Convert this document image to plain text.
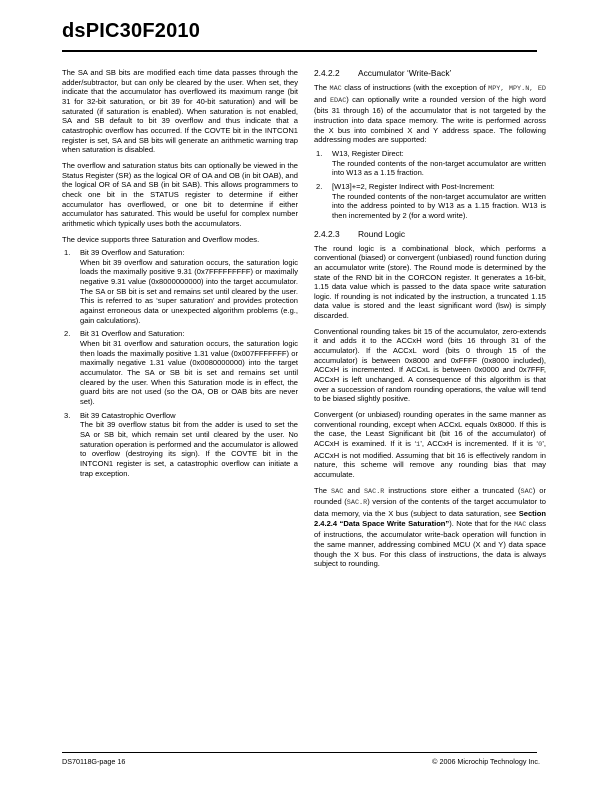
dsPIC30F2010

The SA and SB bits are modified each time data passes through the adder/subtractor, but can only be cleared by the user. When set, they indicate that the accumulator has overflowed its maximum range (bit 31 for 32-bit saturation, or bit 39 for 40-bit saturation) and will be saturated (if saturation is enabled). When saturation is not enabled, SA and SB default to bit 39 overflow and thus indicate that a catastrophic overflow has occurred. If the COVTE bit in the INTCON1 register is set, SA and SB bits will generate an arithmetic warning trap when saturation is disabled.

The overflow and saturation status bits can optionally be viewed in the Status Register (SR) as the logical OR of OA and OB (in bit OAB), and the logical OR of SA and SB (in bit SAB). This allows programmers to check one bit in the STATUS register to determine if either accumulator has overflowed, or one bit to determine if either accumulator has saturated. This would be useful for complex number arithmetic which typically uses both the accumulators.

The device supports three Saturation and Overflow modes.

1. Bit 39 Overflow and Saturation:
When bit 39 overflow and saturation occurs, the saturation logic loads the maximally positive 9.31 (0x7FFFFFFFFF) or maximally negative 9.31 value (0x8000000000) into the target accumulator. The SA or SB bit is set and remains set until cleared by the user. This is referred to as ‘super saturation’ and provides protection against erroneous data or unexpected algorithm problems (e.g., gain calculations).
2. Bit 31 Overflow and Saturation:
When bit 31 overflow and saturation occurs, the saturation logic then loads the maximally positive 1.31 value (0x007FFFFFFF) or maximally negative 1.31 value (0x0080000000) into the target accumulator. The SA or SB bit is set and remains set until cleared by the user. When this Saturation mode is in effect, the guard bits are not used (so the OA, OB or OAB bits are never set).
3. Bit 39 Catastrophic Overflow
The bit 39 overflow status bit from the adder is used to set the SA or SB bit, which remain set until cleared by the user. No saturation operation is performed and the accumulator is allowed to overflow (destroying its sign). If the COVTE bit in the INTCON1 register is set, a catastrophic overflow can initiate a trap exception.
2.4.2.2 Accumulator ‘Write-Back’

The MAC class of instructions (with the exception of MPY, MPY.N, ED and EDAC) can optionally write a rounded version of the high word (bits 31 through 16) of the accumulator that is not targeted by the instruction into data space memory. The write is performed across the X bus into combined X and Y address space. The following addressing modes are supported:

1. W13, Register Direct:
The rounded contents of the non-target accumulator are written into W13 as a 1.15 fraction.
2. [W13]+=2, Register Indirect with Post-Increment:
The rounded contents of the non-target accumulator are written into the address pointed to by W13 as a 1.15 fraction. W13 is then incremented by 2 (for a word write).
2.4.2.3 Round Logic

The round logic is a combinational block, which performs a conventional (biased) or convergent (unbiased) round function during an accumulator write (store). The Round mode is determined by the state of the RND bit in the CORCON register. It generates a 16-bit, 1.15 data value which is passed to the data space write saturation logic. If rounding is not indicated by the instruction, a truncated 1.15 data value is stored and the least significant word (lsw) is simply discarded.

Conventional rounding takes bit 15 of the accumulator, zero-extends it and adds it to the ACCxH word (bits 16 through 31 of the accumulator). If the ACCxL word (bits 0 through 15 of the accumulator) is between 0x8000 and 0xFFFF (0x8000 included), ACCxH is incremented. If ACCxL is between 0x0000 and 0x7FFF, ACCxH is left unchanged. A consequence of this algorithm is that over a succession of random rounding operations, the value will tend to be biased slightly positive.

Convergent (or unbiased) rounding operates in the same manner as conventional rounding, except when ACCxL equals 0x8000. If this is the case, the Least Significant bit (bit 16 of the accumulator) of ACCxH is examined. If it is ‘1’, ACCxH is incremented. If it is ‘0’, ACCxH is not modified. Assuming that bit 16 is effectively random in nature, this scheme will remove any rounding bias that may accumulate.

The SAC and SAC.R instructions store either a truncated (SAC) or rounded (SAC.R) version of the contents of the target accumulator to data memory, via the X bus (subject to data saturation, see Section 2.4.2.4 “Data Space Write Saturation”). Note that for the MAC class of instructions, the accumulator write-back operation will function in the same manner, addressing combined MCU (X and Y) data space though the X bus. For this class of instructions, the data is always subject to rounding.

DS70118G-page 16	© 2006 Microchip Technology Inc.
